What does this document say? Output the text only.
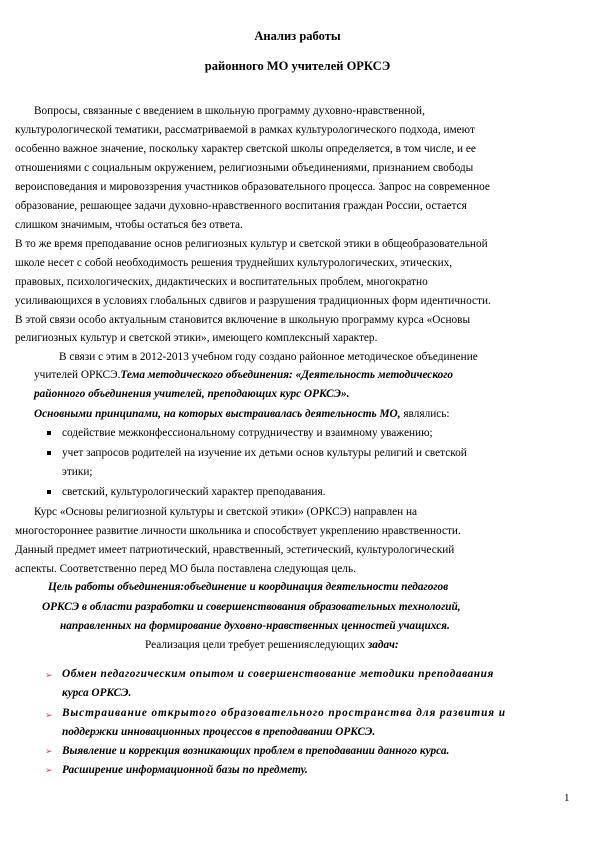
Анализ работы
районного МО учителей ОРКСЭ
Вопросы, связанные с введением в школьную программу духовно-нравственной,
культурологической тематики, рассматриваемой в рамках культурологического подхода, имеют
особенно важное значение, поскольку характер светской школы определяется, в том числе, и ее
отношениями с социальным окружением, религиозными объединениями, признанием свободы
вероисповедания и мировоззрения участников образовательного процесса. Запрос на современное
образование, решающее задачи духовно-нравственного воспитания граждан России, остается
слишком значимым, чтобы остаться без ответа.
В то же время преподавание основ религиозных культур и светской этики в общеобразовательной
школе несет с собой необходимость решения труднейших культурологических, этических,
правовых, психологических, дидактических и воспитательных проблем, многократно
усиливающихся в условиях глобальных сдвигов и разрушения традиционных форм идентичности.
В этой связи особо актуальным становится включение в школьную программу курса «Основы
религиозных культур и светской этики», имеющего комплексный характер.
В связи с этим в 2012-2013 учебном году создано районное методическое объединение
учителей ОРКСЭ.Тема методического объединения: «Деятельность методического
районного объединения учителей, преподающих курс ОРКСЭ».
Основными принципами, на которых выстраивалась деятельность МО, являлись:
содействие межконфессиональному сотрудничеству и взаимному уважению;
учет запросов родителей на изучение их детьми основ культуры религий и светской
этики;
светский, культурологический характер преподавания.
Курс «Основы религиозной культуры и светской этики» (ОРКСЭ) направлен на
многостороннее развитие личности школьника и способствует укреплению нравственности.
Данный предмет имеет патриотический, нравственный, эстетический, культурологический
аспекты. Соответственно перед МО была поставлена следующая цель.
Цель работы объединения:объединение и координация деятельности педагогов
ОРКСЭ в области разработки и совершенствования образовательных технологий,
направленных на формирование духовно-нравственных ценностей учащихся.
Реализация цели требует решенияследующих задач:
➢ Обмен педагогическим опытом и совершенствование методики преподавания
курса ОРКСЭ.
➢ Выстраивание открытого образовательного пространства для развития и
поддержки инновационных процессов в преподавании ОРКСЭ.
➢ Выявление и коррекция возникающих проблем в преподавании данного курса.
➢ Расширение информационной базы по предмету.
1
